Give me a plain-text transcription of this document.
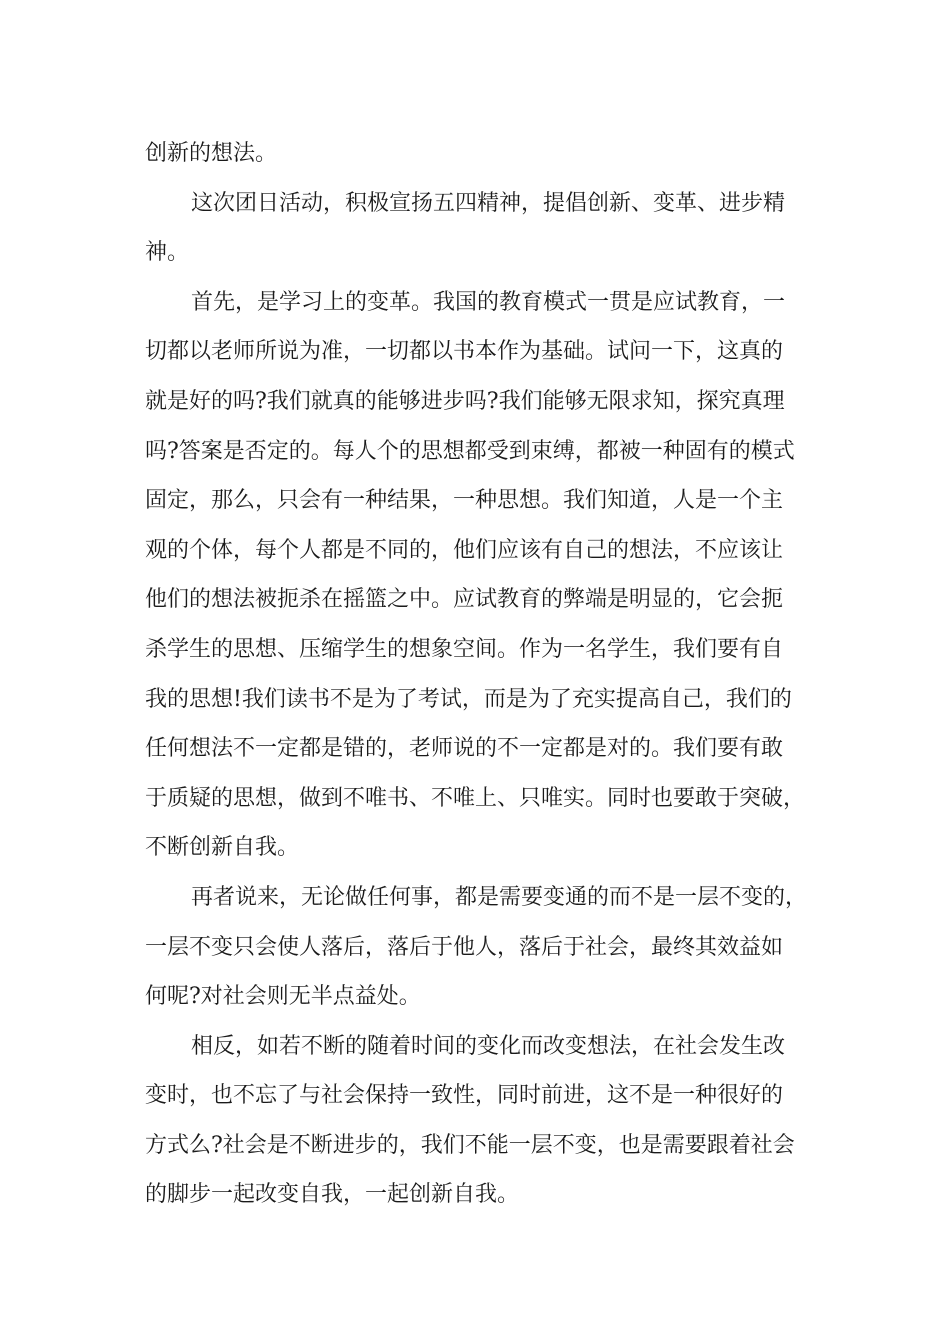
创新的想法。

这次团日活动，积极宣扬五四精神，提倡创新、变革、进步精

神。

首先，是学习上的变革。我国的教育模式一贯是应试教育，一

切都以老师所说为准，一切都以书本作为基础。试问一下，这真的

就是好的吗?我们就真的能够进步吗?我们能够无限求知，探究真理

吗?答案是否定的。每人个的思想都受到束缚，都被一种固有的模式

固定，那么，只会有一种结果，一种思想。我们知道，人是一个主

观的个体，每个人都是不同的，他们应该有自己的想法，不应该让

他们的想法被扼杀在摇篮之中。应试教育的弊端是明显的，它会扼

杀学生的思想、压缩学生的想象空间。作为一名学生，我们要有自

我的思想!我们读书不是为了考试，而是为了充实提高自己，我们的

任何想法不一定都是错的，老师说的不一定都是对的。我们要有敢

于质疑的思想，做到不唯书、不唯上、只唯实。同时也要敢于突破，

不断创新自我。

再者说来，无论做任何事，都是需要变通的而不是一层不变的，

一层不变只会使人落后，落后于他人，落后于社会，最终其效益如

何呢?对社会则无半点益处。

相反，如若不断的随着时间的变化而改变想法，在社会发生改

变时，也不忘了与社会保持一致性，同时前进，这不是一种很好的

方式么?社会是不断进步的，我们不能一层不变，也是需要跟着社会

的脚步一起改变自我，一起创新自我。
